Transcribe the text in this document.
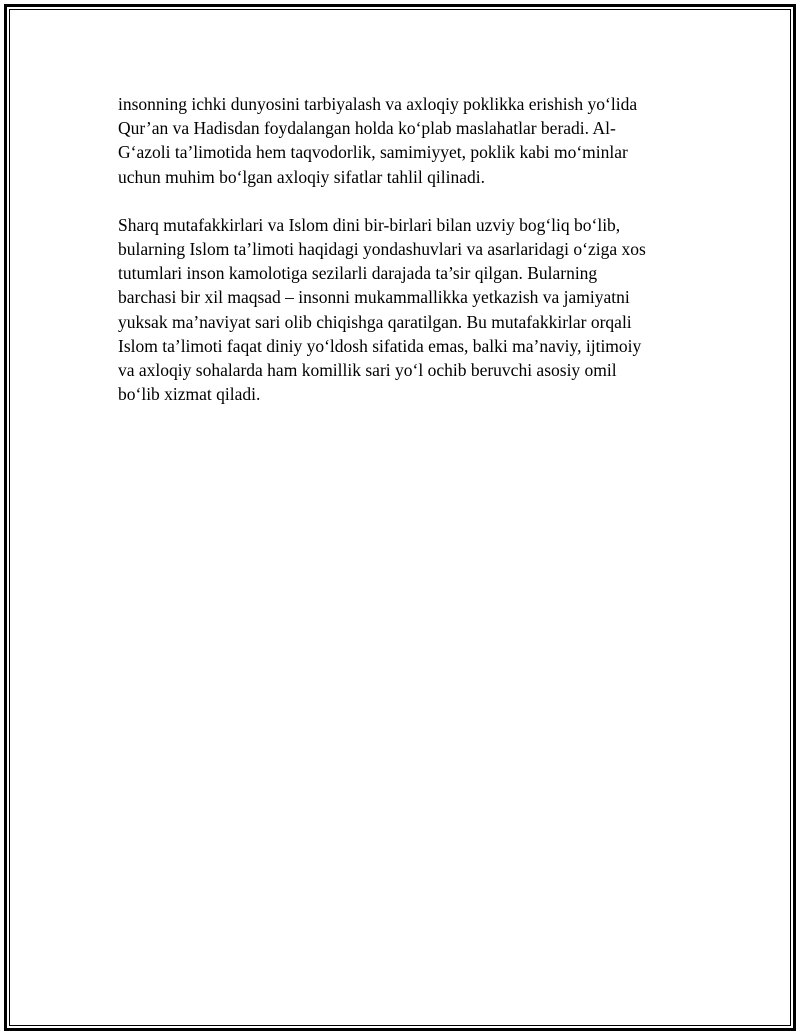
insonning ichki dunyosini tarbiyalash va axloqiy poklikka erishish yo‘lida
Qur’an va Hadisdan foydalangan holda ko‘plab maslahatlar beradi. Al-
G‘azoli ta’limotida hem taqvodorlik, samimiyyet, poklik kabi mo‘minlar
uchun muhim bo‘lgan axloqiy sifatlar tahlil qilinadi.

Sharq mutafakkirlari va Islom dini bir-birlari bilan uzviy bog‘liq bo‘lib,
bularning Islom ta’limoti haqidagi yondashuvlari va asarlaridagi o‘ziga xos
tutumlari inson kamolotiga sezilarli darajada ta’sir qilgan. Bularning
barchasi bir xil maqsad – insonni mukammallikka yetkazish va jamiyatni
yuksak ma’naviyat sari olib chiqishga qaratilgan. Bu mutafakkirlar orqali
Islom ta’limoti faqat diniy yo‘ldosh sifatida emas, balki ma’naviy, ijtimoiy
va axloqiy sohalarda ham komillik sari yo‘l ochib beruvchi asosiy omil
bo‘lib xizmat qiladi.
